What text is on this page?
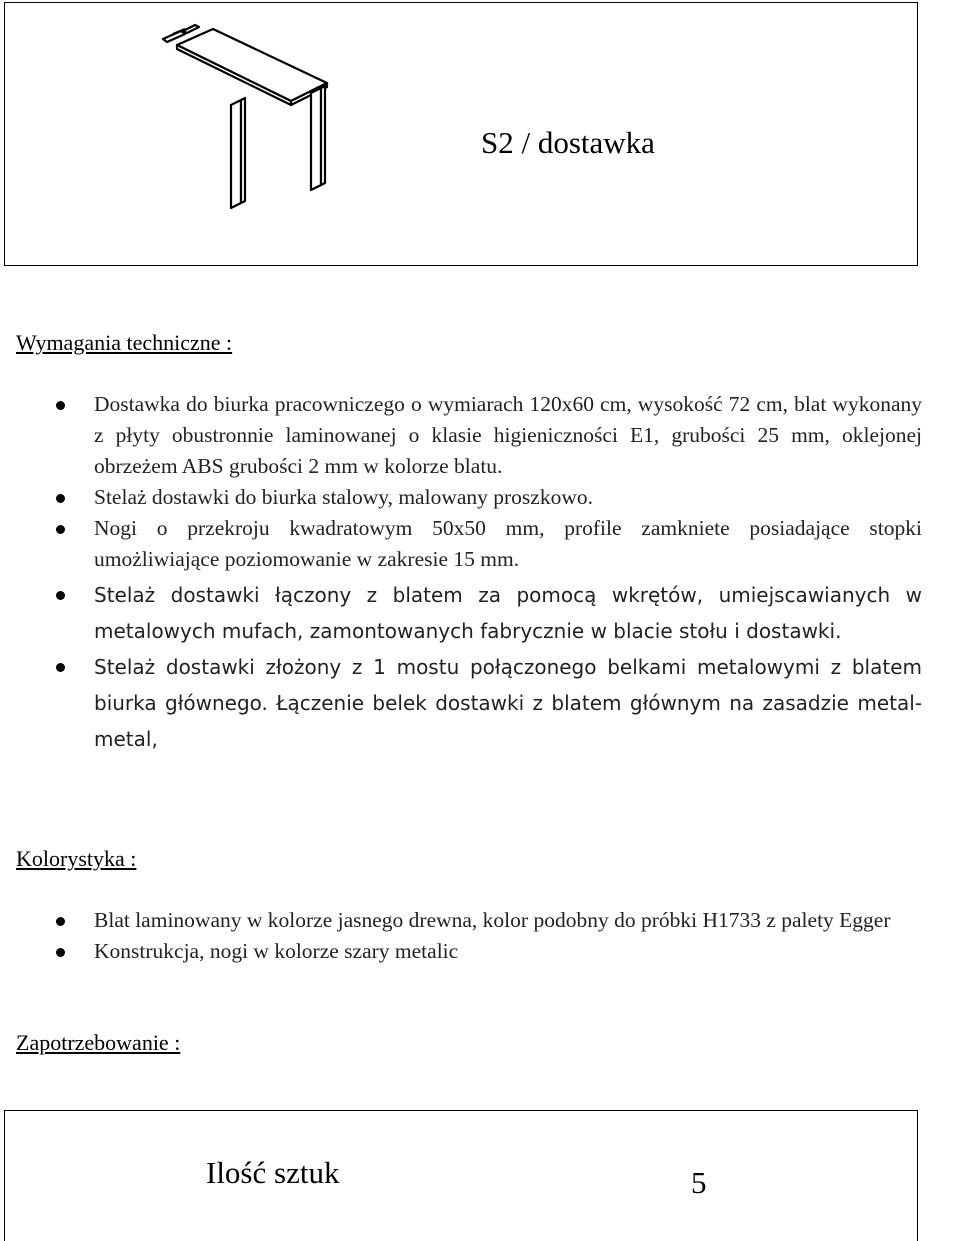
S2 / dostawka
Wymagania techniczne :
Dostawka do biurka pracowniczego o wymiarach 120x60 cm, wysokość 72 cm, blat wykonany z płyty obustronnie laminowanej o klasie higieniczności E1, grubości 25 mm, oklejonej obrzeżem ABS grubości 2 mm w kolorze blatu.
Stelaż dostawki do biurka stalowy, malowany proszkowo.
Nogi o przekroju kwadratowym 50x50 mm, profile zamkniete posiadające stopki umożliwiające poziomowanie w zakresie 15 mm.
Stelaż dostawki łączony z blatem za pomocą wkrętów, umiejscawianych w metalowych mufach, zamontowanych fabrycznie w blacie stołu i dostawki.
Stelaż dostawki złożony z 1 mostu połączonego belkami metalowymi z blatem biurka głównego. Łączenie belek dostawki z blatem głównym na zasadzie metal-metal,
Kolorystyka :
Blat laminowany w kolorze jasnego drewna, kolor podobny do próbki H1733 z palety Egger
Konstrukcja, nogi w kolorze szary metalic
Zapotrzebowanie :
Ilość sztuk	5
